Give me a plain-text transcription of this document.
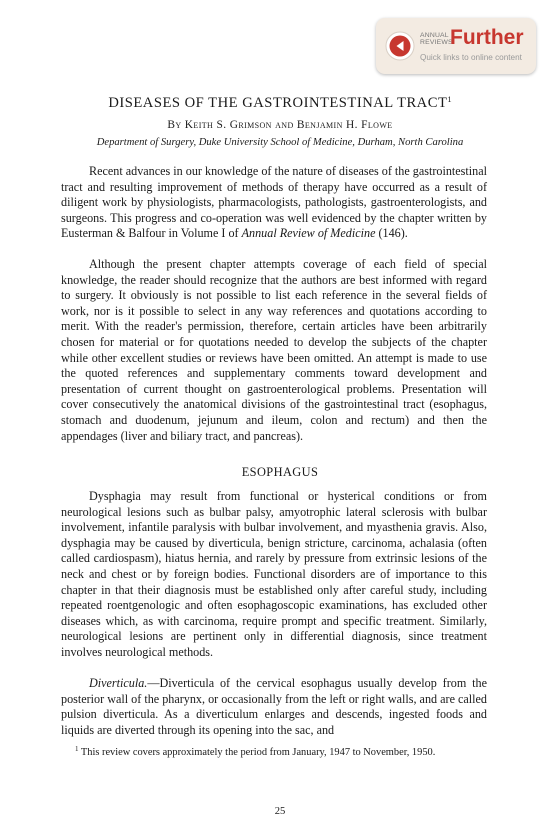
ANNUAL
REVIEWS
Further
Quick links to online content
DISEASES OF THE GASTROINTESTINAL TRACT$^1$
By Keith S. Grimson and Benjamin H. Flowe
Department of Surgery, Duke University School of Medicine, Durham, North Carolina

Recent advances in our knowledge of the nature of diseases of the gastrointestinal tract and resulting improvement of methods of therapy have occurred as a result of diligent work by physiologists, pharmacologists, pathologists, gastroenterologists, and surgeons. This progress and co-operation was well evidenced by the chapter written by Eusterman & Balfour in Volume I of Annual Review of Medicine (146).

Although the present chapter attempts coverage of each field of special knowledge, the reader should recognize that the authors are best informed with regard to surgery. It obviously is not possible to list each reference in the several fields of work, nor is it possible to select in any way references and quotations according to merit. With the reader's permission, therefore, certain articles have been arbitrarily chosen for material or for quotations needed to develop the subjects of the chapter while other excellent studies or reviews have been omitted. An attempt is made to use the quoted references and supplementary comments toward development and presentation of current thought on gastroenterological problems. Presentation will cover consecutively the anatomical divisions of the gastrointestinal tract (esophagus, stomach and duodenum, jejunum and ileum, colon and rectum) and then the appendages (liver and biliary tract, and pancreas).

ESOPHAGUS

Dysphagia may result from functional or hysterical conditions or from neurological lesions such as bulbar palsy, amyotrophic lateral sclerosis with bulbar involvement, infantile paralysis with bulbar involvement, and myasthenia gravis. Also, dysphagia may be caused by diverticula, benign stricture, carcinoma, achalasia (often called cardiospasm), hiatus hernia, and rarely by pressure from extrinsic lesions of the neck and chest or by foreign bodies. Functional disorders are of importance to this chapter in that their diagnosis must be established only after careful study, including repeated roentgenologic and often esophagoscopic examinations, has excluded other diseases which, as with carcinoma, require prompt and specific treatment. Similarly, neurological lesions are pertinent only in differential diagnosis, since treatment involves neurological methods.

Diverticula.—Diverticula of the cervical esophagus usually develop from the posterior wall of the pharynx, or occasionally from the left or right walls, and are called pulsion diverticula. As a diverticulum enlarges and descends, ingested foods and liquids are diverted through its opening into the sac, and

$^1$ This review covers approximately the period from January, 1947 to November, 1950.

25
